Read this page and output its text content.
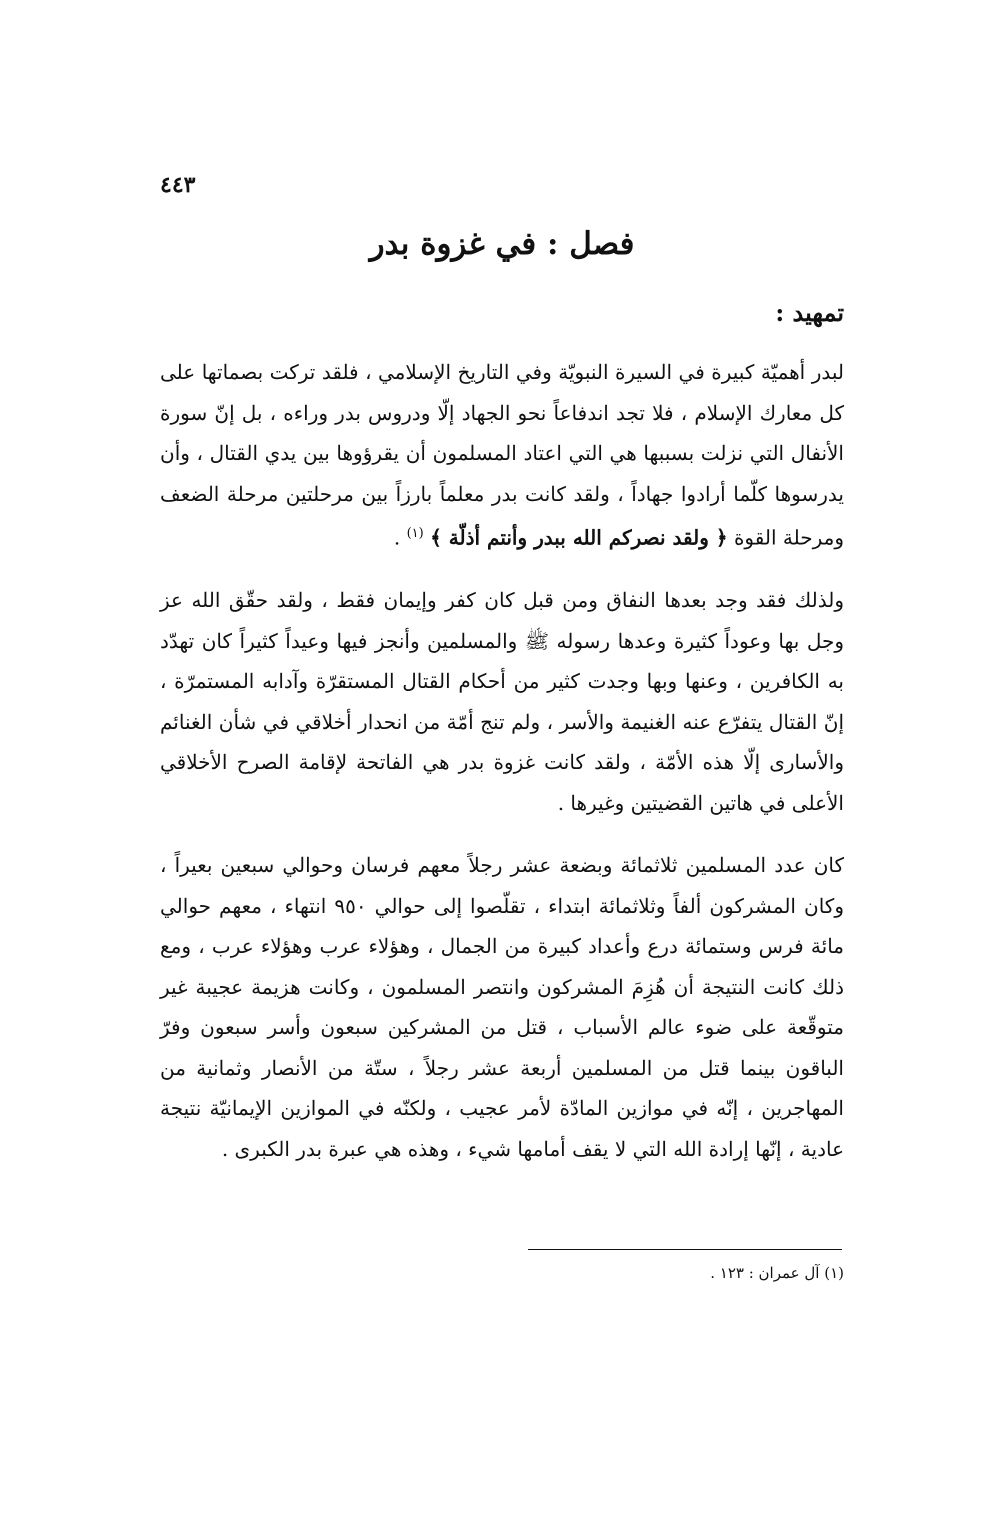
٤٤٣

فصل : في غزوة بدر
تمهيد :

لبدر أهميّة كبيرة في السيرة النبويّة وفي التاريخ الإسلامي ، فلقد تركت بصماتها على كل معارك الإسلام ، فلا تجد اندفاعاً نحو الجهاد إلّا ودروس بدر وراءه ، بل إنّ سورة الأنفال التي نزلت بسببها هي التي اعتاد المسلمون أن يقرؤوها بين يدي القتال ، وأن يدرسوها كلّما أرادوا جهاداً ، ولقد كانت بدر معلماً بارزاً بين مرحلتين مرحلة الضعف ومرحلة القوة ﴿ ولقد نصركم الله ببدر وأنتم أذلّة ﴾ $^{(١)}$ .

ولذلك فقد وجد بعدها النفاق ومن قبل كان كفر وإيمان فقط ، ولقد حقّق الله عز وجل بها وعوداً كثيرة وعدها رسوله ﷺ والمسلمين وأنجز فيها وعيداً كثيراً كان تهدّد به الكافرين ، وعنها وبها وجدت كثير من أحكام القتال المستقرّة وآدابه المستمرّة ، إنّ القتال يتفرّع عنه الغنيمة والأسر ، ولم تنج أمّة من انحدار أخلاقي في شأن الغنائم والأسارى إلّا هذه الأمّة ، ولقد كانت غزوة بدر هي الفاتحة لإقامة الصرح الأخلاقي الأعلى في هاتين القضيتين وغيرها .

كان عدد المسلمين ثلاثمائة وبضعة عشر رجلاً معهم فرسان وحوالي سبعين بعيراً ، وكان المشركون ألفاً وثلاثمائة ابتداء ، تقلّصوا إلى حوالي ٩٥٠ انتهاء ، معهم حوالي مائة فرس وستمائة درع وأعداد كبيرة من الجمال ، وهؤلاء عرب وهؤلاء عرب ، ومع ذلك كانت النتيجة أن هُزِمَ المشركون وانتصر المسلمون ، وكانت هزيمة عجيبة غير متوقّعة على ضوء عالم الأسباب ، قتل من المشركين سبعون وأسر سبعون وفرّ الباقون بينما قتل من المسلمين أربعة عشر رجلاً ، ستّة من الأنصار وثمانية من المهاجرين ، إنّه في موازين المادّة لأمر عجيب ، ولكنّه في الموازين الإيمانيّة نتيجة عادية ، إنّها إرادة الله التي لا يقف أمامها شيء ، وهذه هي عبرة بدر الكبرى .

(١) آل عمران : ١٢٣ .
